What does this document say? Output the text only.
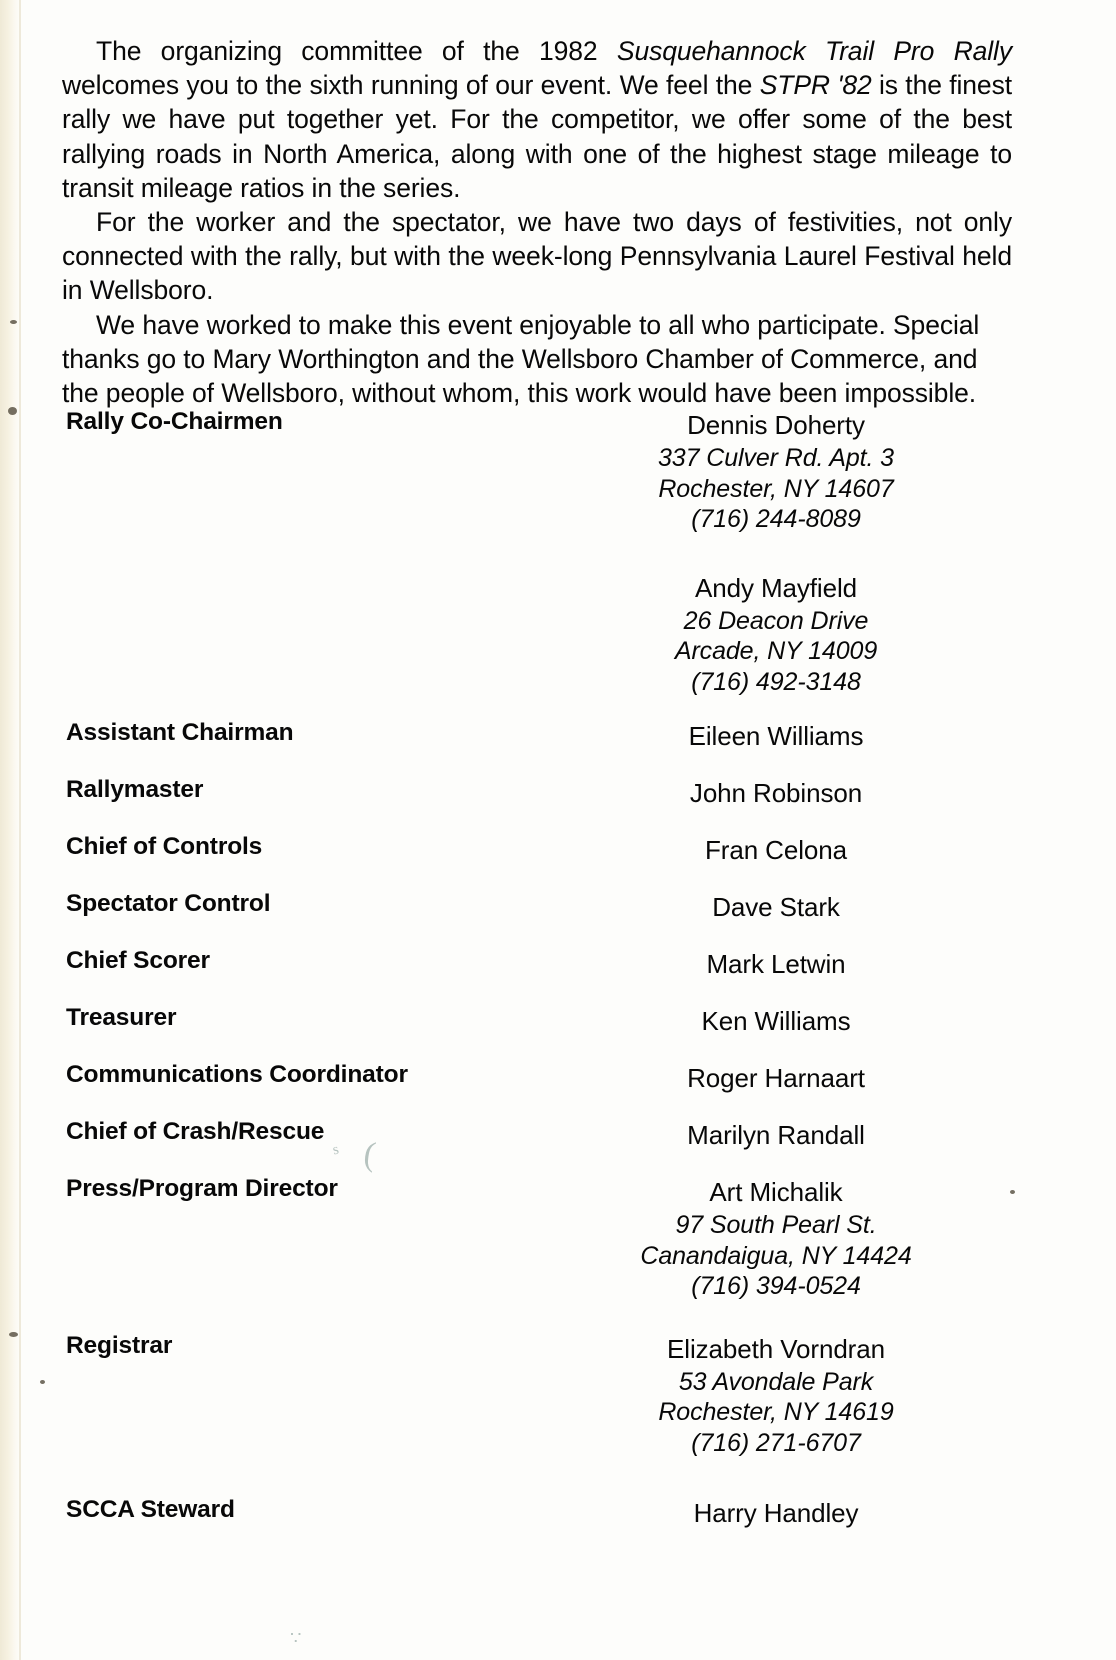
s (
∵

The organizing committee of the 1982 Susquehannock Trail Pro Rally welcomes you to the sixth running of our event. We feel the STPR '82 is the finest rally we have put together yet. For the competitor, we offer some of the best rallying roads in North America, along with one of the highest stage mileage to transit mileage ratios in the series.

For the worker and the spectator, we have two days of festivities, not only connected with the rally, but with the week-long Pennsylvania Laurel Festival held in Wellsboro.

We have worked to make this event enjoyable to all who participate. Special thanks go to Mary Worthington and the Wellsboro Chamber of Commerce, and the people of Wellsboro, without whom, this work would have been impossible.

Rally Co-Chairmen	Dennis Doherty
337 Culver Rd. Apt. 3
Rochester, NY 14607
(716) 244-8089
Andy Mayfield
26 Deacon Drive
Arcade, NY 14009
(716) 492-3148
Assistant Chairman	Eileen Williams
Rallymaster	John Robinson
Chief of Controls	Fran Celona
Spectator Control	Dave Stark
Chief Scorer	Mark Letwin
Treasurer	Ken Williams
Communications Coordinator	Roger Harnaart
Chief of Crash/Rescue	Marilyn Randall
Press/Program Director	Art Michalik
97 South Pearl St.
Canandaigua, NY 14424
(716) 394-0524
Registrar	Elizabeth Vorndran
53 Avondale Park
Rochester, NY 14619
(716) 271-6707
SCCA Steward	Harry Handley
